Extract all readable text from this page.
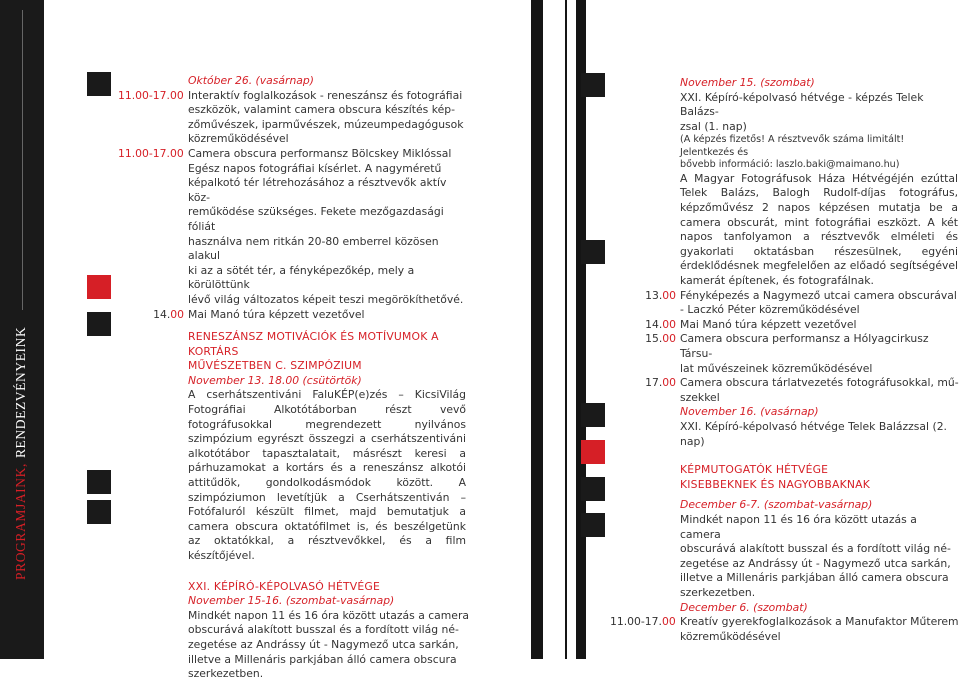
PROGRAMJAINK,
RENDEZVÉNYEINK

Október 26. (vasárnap)

11.00-17.00 Interaktív foglalkozások - reneszánsz és fotográfiai

eszközök, valamint camera obscura készítés kép-

zőművészek, iparművészek, múzeumpedagógusok

közreműködésével

11.00-17.00 Camera obscura performansz Bölcskey Miklóssal

Egész napos fotográfiai kísérlet. A nagyméretű

képalkotó tér létrehozásához a résztvevők aktív köz-

reműködése szükséges. Fekete mezőgazdasági fóliát

használva nem ritkán 20-80 emberrel közösen alakul

ki az a sötét tér, a fényképezőkép, mely a körülöttünk

lévő világ változatos képeit teszi megörökíthetővé.

14.00 Mai Manó túra képzett vezetővel

RENESZÁNSZ MOTIVÁCIÓK ÉS MOTÍVUMOK A KORTÁRS

MŰVÉSZETBEN C. SZIMPÓZIUM

November 13. 18.00 (csütörtök)

A cserhátszentiváni FaluKÉP(e)zés – KicsiVilág Fotográfiai Alkotótáborban részt vevő fotográfusokkal megrendezett nyilvános szimpózium egyrészt összegzi a cserhátszentiváni alkotótábor tapasztalatait, másrészt keresi a párhuzamokat a kortárs és a reneszánsz alkotói attitűdök, gondolkodásmódok között. A szimpóziumon levetítjük a Cserhátszentiván – Fotófaluról készült filmet, majd bemutatjuk a camera obscura oktatófilmet is, és beszélgetünk az oktatókkal, a résztvevőkkel, és a film készítőjével.

XXI. KÉPÍRÓ-KÉPOLVASÓ HÉTVÉGE

November 15-16. (szombat-vasárnap)

Mindkét napon 11 és 16 óra között utazás a camera

obscurává alakított busszal és a fordított világ né-

zegetése az Andrássy út - Nagymező utca sarkán,

illetve a Millenáris parkjában álló camera obscura

szerkezetben.

November 15. (szombat)

XXI. Képíró-képolvasó hétvége - képzés Telek Balázs-

zsal (1. nap)

(A képzés fizetős! A résztvevők száma limitált! Jelentkezés és

bővebb információ: laszlo.baki@maimano.hu)

A Magyar Fotográfusok Háza Hétvégéjén ezúttal Telek Balázs, Balogh Rudolf-díjas fotográfus, képzőművész 2 napos képzésen mutatja be a camera obscurát, mint fotográfiai eszközt. A két napos tanfolyamon a résztvevők elméleti és gyakorlati oktatásban részesülnek, egyéni érdeklődésnek megfelelően az előadó segítségével kamerát építenek, és fotografálnak.

13.00 Fényképezés a Nagymező utcai camera obscurával

- Laczkó Péter közreműködésével

14.00 Mai Manó túra képzett vezetővel

15.00 Camera obscura performansz a Hólyagcirkusz Társu-

lat művészeinek közreműködésével

17.00 Camera obscura tárlatvezetés fotográfusokkal, mű-

szekkel

November 16. (vasárnap)

XXI. Képíró-képolvasó hétvége Telek Balázzsal (2.

nap)

KÉPMUTOGATÓK HÉTVÉGE

KISEBBEKNEK ÉS NAGYOBBAKNAK

December 6-7. (szombat-vasárnap)

Mindkét napon 11 és 16 óra között utazás a camera

obscurává alakított busszal és a fordított világ né-

zegetése az Andrássy út - Nagymező utca sarkán,

illetve a Millenáris parkjában álló camera obscura

szerkezetben.

December 6. (szombat)

11.00-17.00 Kreatív gyerekfoglalkozások a Manufaktor Műterem

közreműködésével
